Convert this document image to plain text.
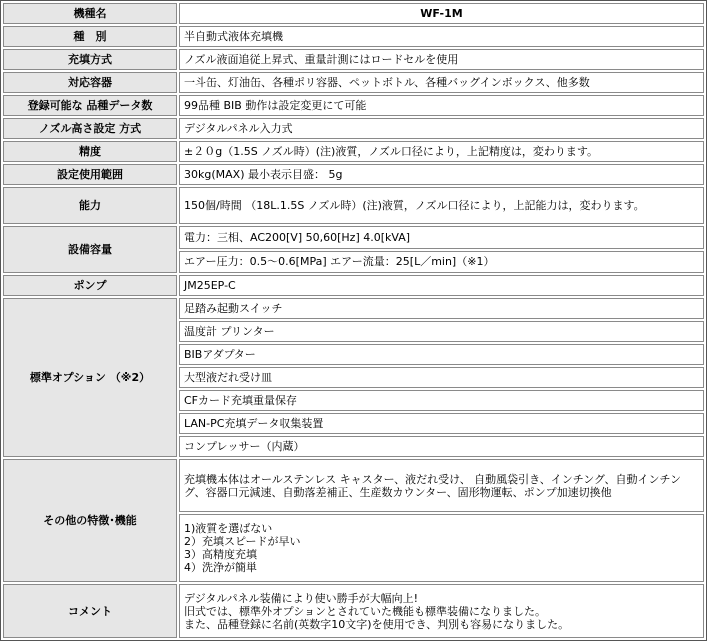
機種名	WF-1M
種　別	半自動式液体充填機
充填方式	ノズル液面追従上昇式、重量計測にはロードセルを使用
対応容器	一斗缶、灯油缶、各種ポリ容器、ペットボトル、各種バッグインボックス、他多数
登録可能な 品種データ数	99品種 BIB 動作は設定変更にて可能
ノズル高さ設定 方式	デジタルパネル入力式
精度	±２０g（1.5S ノズル時）(注)液質，ノズル口径により，上記精度は，変わります。
設定使用範囲	30kg(MAX) 最小表示目盛： 5g
能力	150個/時間 （18L.1.5S ノズル時）(注)液質，ノズル口径により，上記能力は，変わります。
設備容量	電力：三相、AC200[V] 50,60[Hz] 4.0[kVA]
	エアー圧力：0.5～0.6[MPa] エアー流量：25[L／min]（※1）
ポンプ	JM25EP-C
標準オプション （※2）	足踏み起動スイッチ
	温度計 プリンター
	BIBアダプター
	大型液だれ受け皿
	CFカード充填重量保存
	LAN-PC充填データ収集装置
	コンプレッサー（内蔵）
その他の特徴･機能	充填機本体はオールステンレス キャスター、液だれ受け、 自動風袋引き、インチング、自動インチング、容器口元減速、自動落差補正、生産数カウンター、固形物運転、ポンプ加速切換他

	1)液質を選ばない
2）充填スピードが早い
3）高精度充填
4）洗浄が簡単

コメント	デジタルパネル装備により使い勝手が大幅向上!
旧式では、標準外オプションとされていた機能も標準装備になりました。
また、品種登録に名前(英数字10文字)を使用でき、判別も容易になりました。
